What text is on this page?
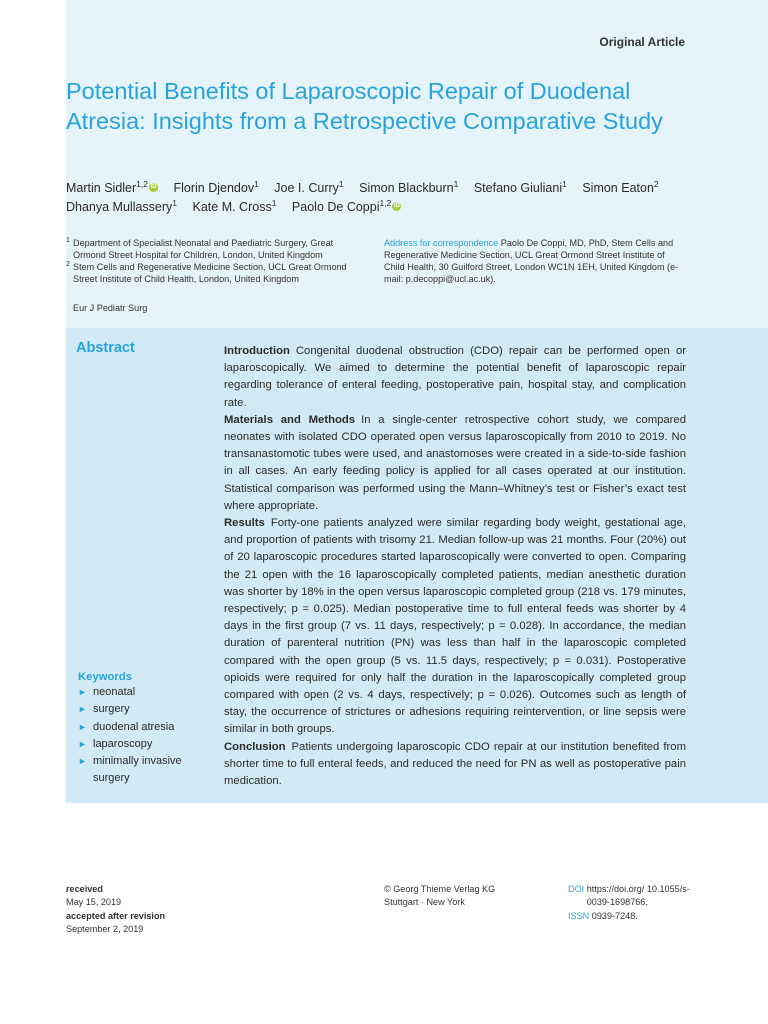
Original Article
Potential Benefits of Laparoscopic Repair of Duodenal Atresia: Insights from a Retrospective Comparative Study
Martin Sidler$^{1,2}$ iD Florin Djendov$^1$ Joe I. Curry$^1$ Simon Blackburn$^1$ Stefano Giuliani$^1$ Simon Eaton$^2$
Dhanya Mullassery$^1$ Kate M. Cross$^1$ Paolo De Coppi$^{1,2}$ iD
1 Department of Specialist Neonatal and Paediatric Surgery, Great Ormond Street Hospital for Children, London, United Kingdom
2 Stem Cells and Regenerative Medicine Section, UCL Great Ormond Street Institute of Child Health, London, United Kingdom
Address for correspondence Paolo De Coppi, MD, PhD, Stem Cells and Regenerative Medicine Section, UCL Great Ormond Street Institute of Child Health, 30 Guilford Street, London WC1N 1EH, United Kingdom (e-mail: p.decoppi@ucl.ac.uk).
Eur J Pediatr Surg
Abstract	Introduction Congenital duodenal obstruction (CDO) repair can be performed open or laparoscopically. We aimed to determine the potential benefit of laparoscopic repair regarding tolerance of enteral feeding, postoperative pain, hospital stay, and complication rate.

Materials and Methods In a single-center retrospective cohort study, we compared neonates with isolated CDO operated open versus laparoscopically from 2010 to 2019. No transanastomotic tubes were used, and anastomoses were created in a side-to-side fashion in all cases. An early feeding policy is applied for all cases operated at our institution. Statistical comparison was performed using the Mann–Whitney’s test or Fisher’s exact test where appropriate.

Results Forty-one patients analyzed were similar regarding body weight, gestational age, and proportion of patients with trisomy 21. Median follow-up was 21 months. Four (20%) out of 20 laparoscopic procedures started laparoscopically were converted to open. Comparing the 21 open with the 16 laparoscopically completed patients, median anesthetic duration was shorter by 18% in the open versus laparoscopic completed group (218 vs. 179 minutes, respectively; p = 0.025). Median postoperative time to full enteral feeds was shorter by 4 days in the first group (7 vs. 11 days, respectively; p = 0.028). In accordance, the median duration of parenteral nutrition (PN) was less than half in the laparoscopic completed compared with the open group (5 vs. 11.5 days, respectively; p = 0.031). Postoperative opioids were required for only half the duration in the laparoscopically completed group compared with open (2 vs. 4 days, respectively; p = 0.026). Outcomes such as length of stay, the occurrence of strictures or adhesions requiring reintervention, or line sepsis were similar in both groups.

Conclusion Patients undergoing laparoscopic CDO repair at our institution benefited from shorter time to full enteral feeds, and reduced the need for PN as well as postoperative pain medication.

Keywords
► neonatal
► surgery
► duodenal atresia
► laparoscopy
► minimally invasive surgery
received
May 15, 2019
accepted after revision
September 2, 2019
© Georg Thieme Verlag KG
Stuttgart · New York
DOI https://doi.org/ 10.1055/s-0039-1698766.
ISSN 0939-7248.
